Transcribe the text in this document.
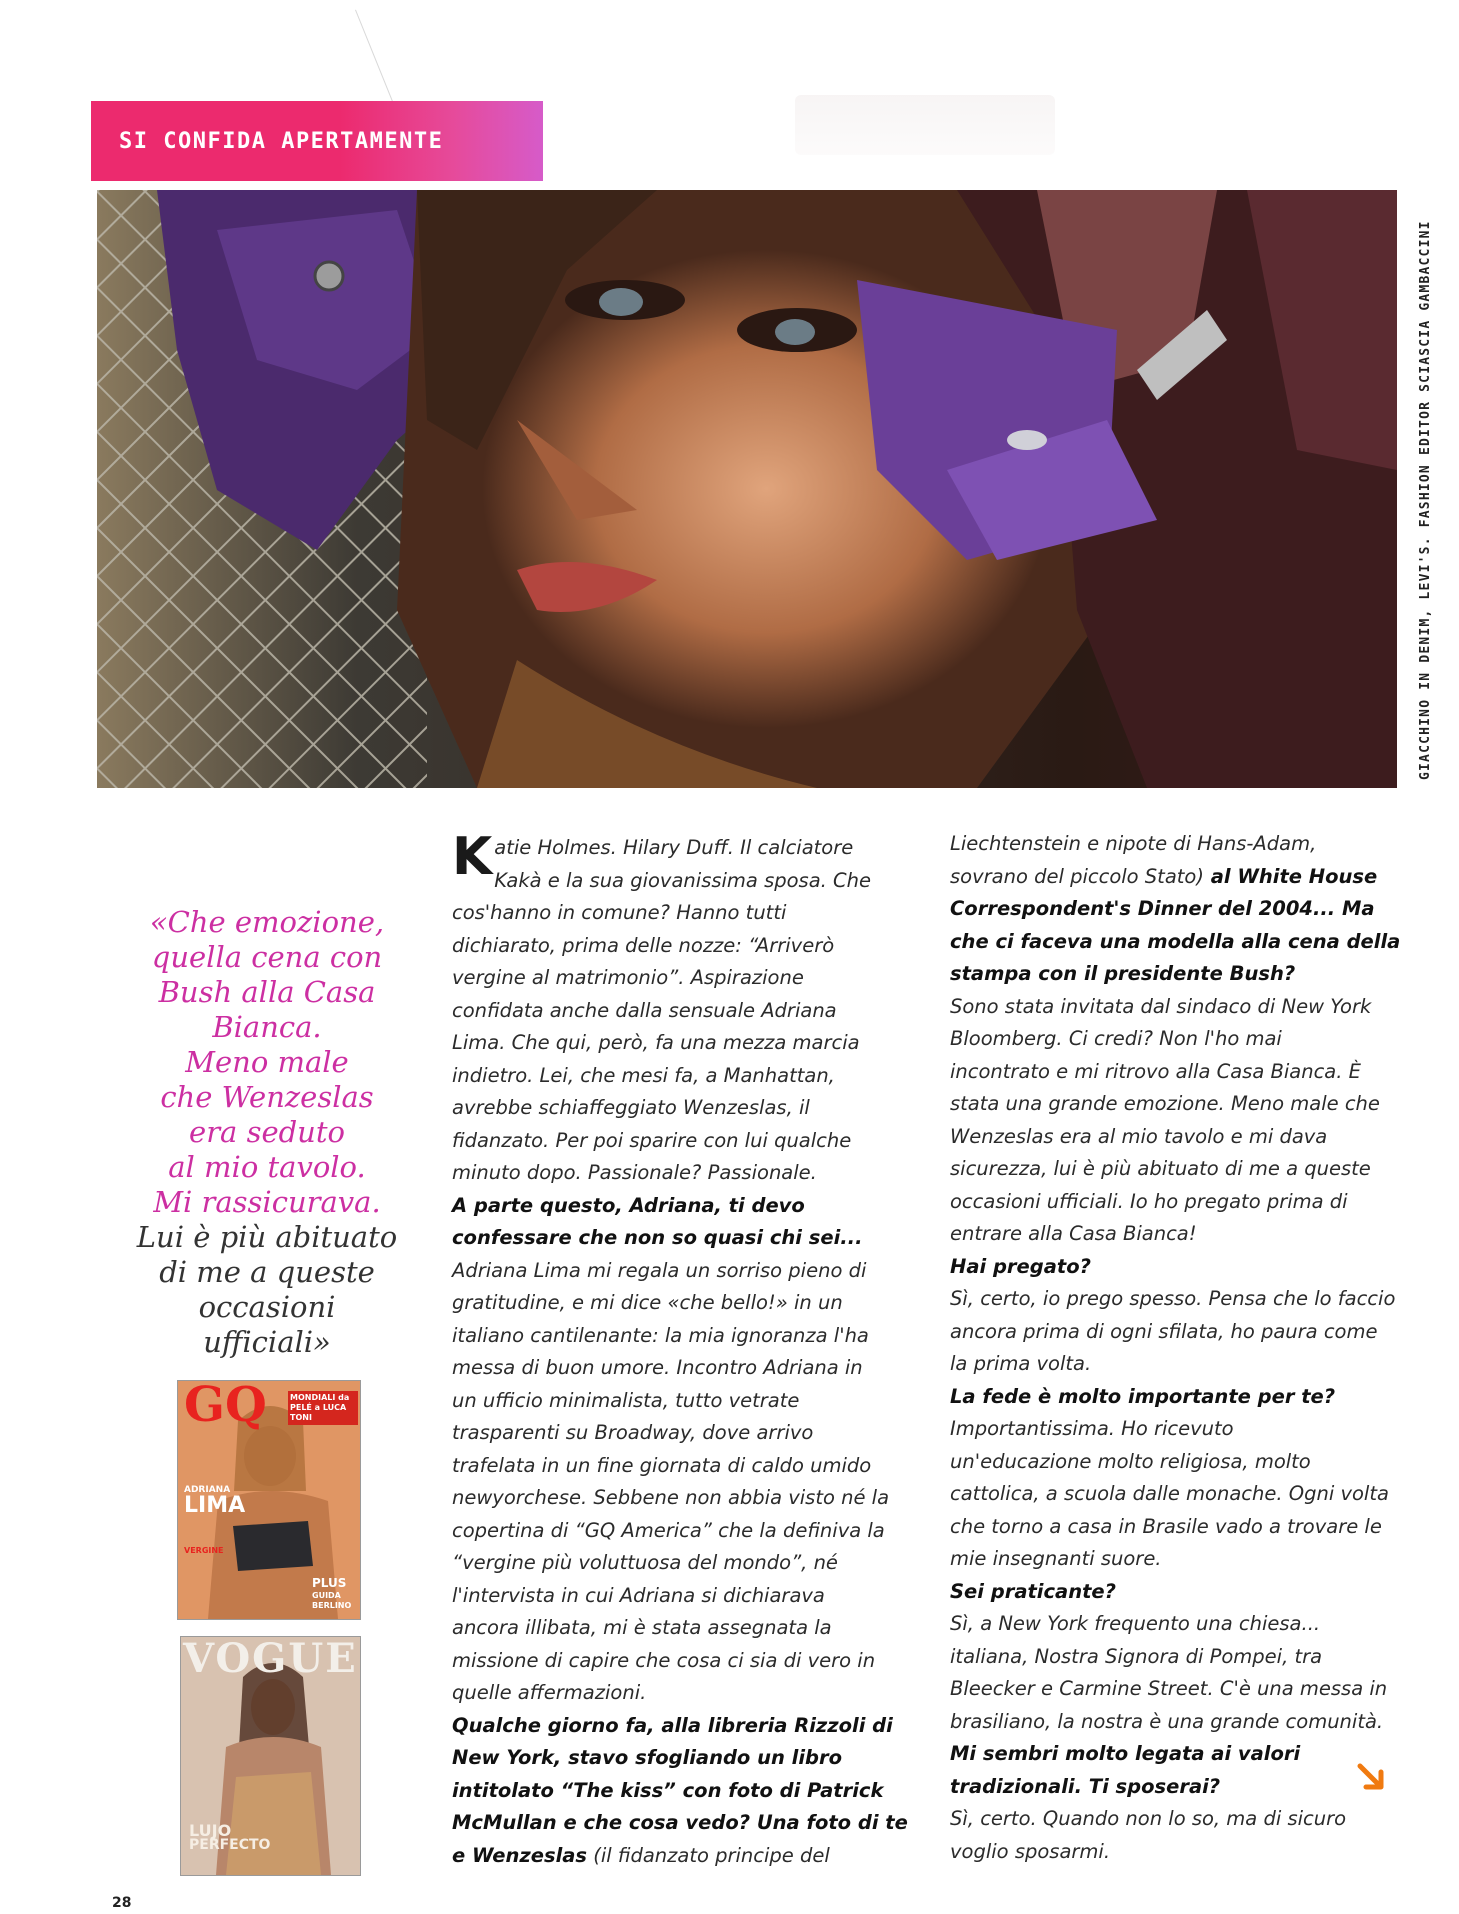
SI CONFIDA APERTAMENTE
GIACCHINO IN DENIM, LEVI'S. FASHION EDITOR SCIASCIA GAMBACCINI
«Che emozione,
quella cena con
Bush alla Casa
Bianca.
Meno male
che Wenzeslas
era seduto
al mio tavolo.
Mi rassicurava.
Lui è più abituato
di me a queste
occasioni
ufficiali»
GQ	MONDIALI da PELÉ a LUCA TONI
ADRIANA
LIMA
VERGINE
PLUS
GUIDA BERLINO
VOGUE
LUJO
PERFECTO
Katie Holmes. Hilary Duff. Il calciatore
Kakà e la sua giovanissima sposa. Che
cos'hanno in comune? Hanno tutti
dichiarato, prima delle nozze: “Arriverò
vergine al matrimonio”. Aspirazione
confidata anche dalla sensuale Adriana
Lima. Che qui, però, fa una mezza marcia
indietro. Lei, che mesi fa, a Manhattan,
avrebbe schiaffeggiato Wenzeslas, il
fidanzato. Per poi sparire con lui qualche
minuto dopo. Passionale? Passionale.
A parte questo, Adriana, ti devo
confessare che non so quasi chi sei...
Adriana Lima mi regala un sorriso pieno di
gratitudine, e mi dice «che bello!» in un
italiano cantilenante: la mia ignoranza l'ha
messa di buon umore. Incontro Adriana in
un ufficio minimalista, tutto vetrate
trasparenti su Broadway, dove arrivo
trafelata in un fine giornata di caldo umido
newyorchese. Sebbene non abbia visto né la
copertina di “GQ America” che la definiva la
“vergine più voluttuosa del mondo”, né
l'intervista in cui Adriana si dichiarava
ancora illibata, mi è stata assegnata la
missione di capire che cosa ci sia di vero in
quelle affermazioni.
Qualche giorno fa, alla libreria Rizzoli di
New York, stavo sfogliando un libro
intitolato “The kiss” con foto di Patrick
McMullan e che cosa vedo? Una foto di te
e Wenzeslas (il fidanzato principe del
Liechtenstein e nipote di Hans-Adam,
sovrano del piccolo Stato) al White House
Correspondent's Dinner del 2004... Ma
che ci faceva una modella alla cena della
stampa con il presidente Bush?
Sono stata invitata dal sindaco di New York
Bloomberg. Ci credi? Non l'ho mai
incontrato e mi ritrovo alla Casa Bianca. È
stata una grande emozione. Meno male che
Wenzeslas era al mio tavolo e mi dava
sicurezza, lui è più abituato di me a queste
occasioni ufficiali. Io ho pregato prima di
entrare alla Casa Bianca!
Hai pregato?
Sì, certo, io prego spesso. Pensa che lo faccio
ancora prima di ogni sfilata, ho paura come
la prima volta.
La fede è molto importante per te?
Importantissima. Ho ricevuto
un'educazione molto religiosa, molto
cattolica, a scuola dalle monache. Ogni volta
che torno a casa in Brasile vado a trovare le
mie insegnanti suore.
Sei praticante?
Sì, a New York frequento una chiesa...
italiana, Nostra Signora di Pompei, tra
Bleecker e Carmine Street. C'è una messa in
brasiliano, la nostra è una grande comunità.
Mi sembri molto legata ai valori
tradizionali. Ti sposerai?
Sì, certo. Quando non lo so, ma di sicuro
voglio sposarmi.
28
